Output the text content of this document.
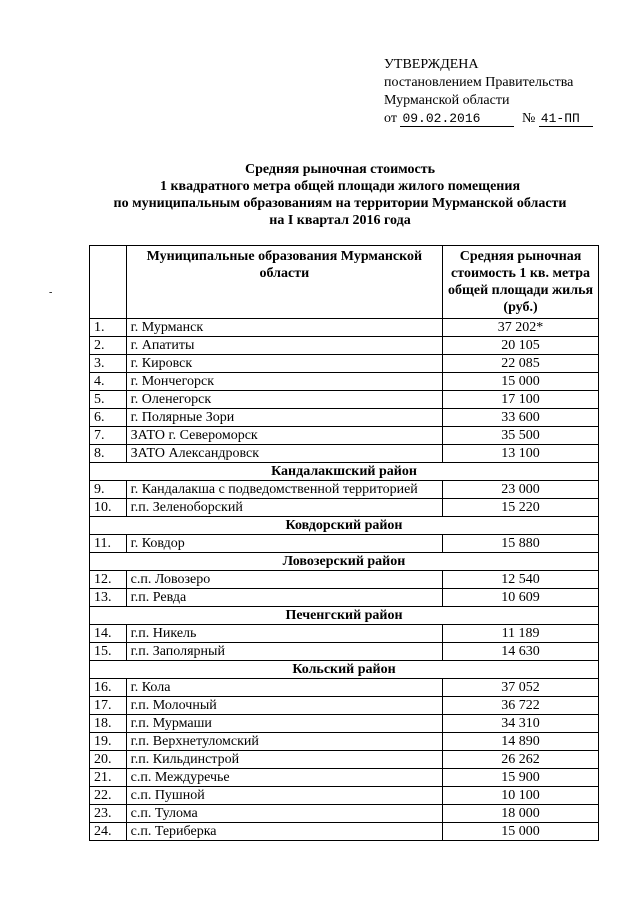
УТВЕРЖДЕНА
постановлением Правительства
Мурманской области
от 09.02.2016	№ 41-ПП
Средняя рыночная стоимость
1 квадратного метра общей площади жилого помещения
по муниципальным образованиям на территории Мурманской области
на I квартал 2016 года
-
	Муниципальные образования Мурманской области	Средняя рыночная стоимость 1 кв. метра общей площади жилья (руб.)
1.	г. Мурманск	37 202*
2.	г. Апатиты	20 105
3.	г. Кировск	22 085
4.	г. Мончегорск	15 000
5.	г. Оленегорск	17 100
6.	г. Полярные Зори	33 600
7.	ЗАТО г. Североморск	35 500
8.	ЗАТО Александровск	13 100
Кандалакшский район		
9.	г. Кандалакша с подведомственной территорией	23 000
10.	г.п. Зеленоборский	15 220
Ковдорский район		
11.	г. Ковдор	15 880
Ловозерский район		
12.	с.п. Ловозеро	12 540
13.	г.п. Ревда	10 609
Печенгский район		
14.	г.п. Никель	11 189
15.	г.п. Заполярный	14 630
Кольский район		
16.	г. Кола	37 052
17.	г.п. Молочный	36 722
18.	г.п. Мурмаши	34 310
19.	г.п. Верхнетуломский	14 890
20.	г.п. Кильдинстрой	26 262
21.	с.п. Междуречье	15 900
22.	с.п. Пушной	10 100
23.	с.п. Тулома	18 000
24.	с.п. Териберка	15 000
